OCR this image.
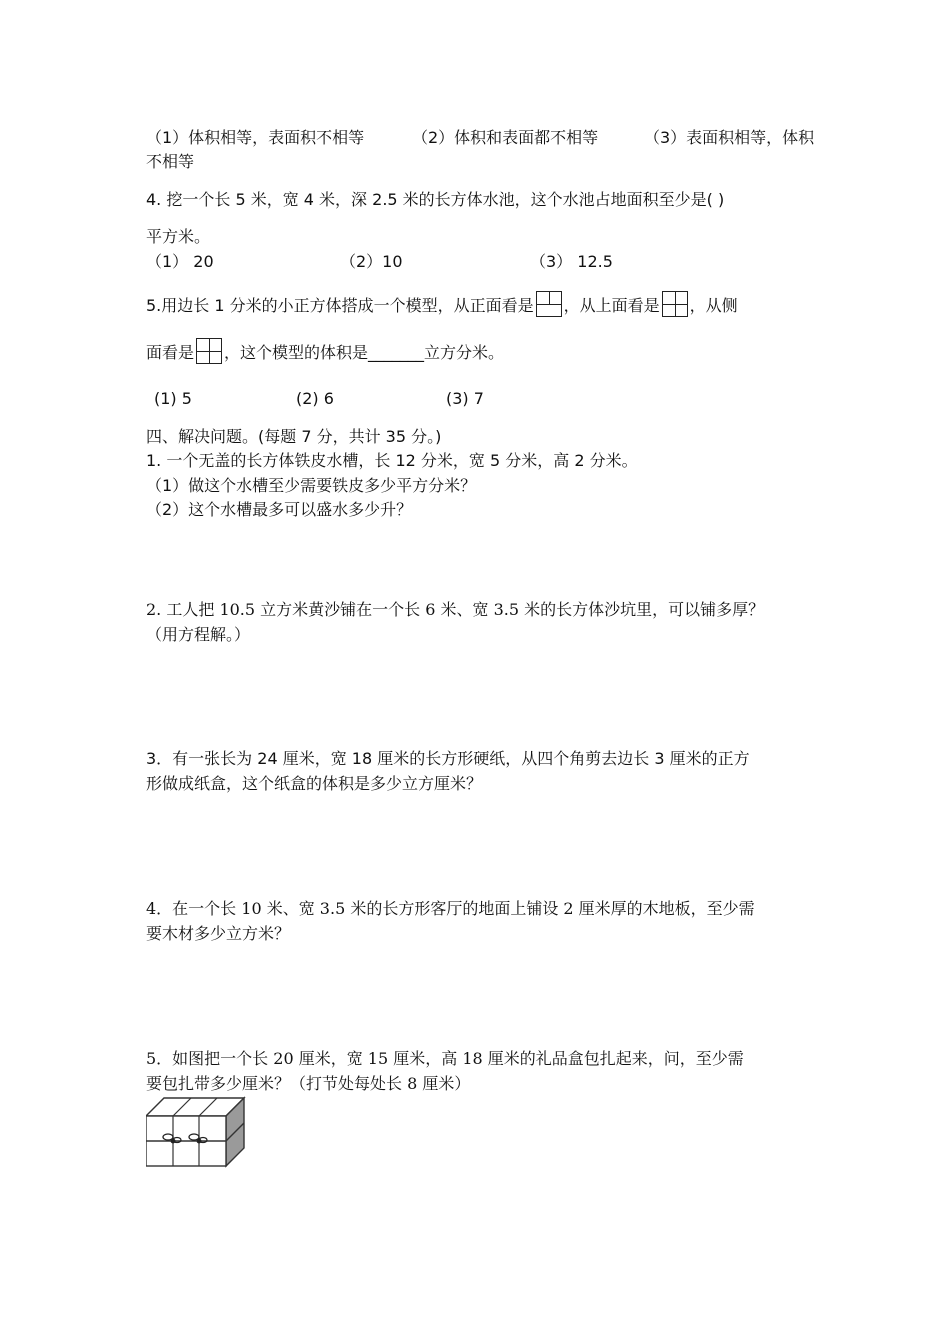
（1）体积相等，表面积不相等	（2）体积和表面都不相等	（3）表面积相等，体积
不相等
4. 挖一个长 5 米，宽 4 米，深 2.5 米的长方体水池，这个水池占地面积至少是( )
平方米。
（1） 20	（2）10	（3） 12.5
5.用边长 1 分米的小正方体搭成一个模型，从正面看是 ，从上面看是 ，从侧
面看是 ，这个模型的体积是_______立方分米。
(1) 5	(2) 6	(3) 7
四、解决问题。(每题 7 分，共计 35 分。)
1. 一个无盖的长方体铁皮水槽，长 12 分米，宽 5 分米，高 2 分米。
（1）做这个水槽至少需要铁皮多少平方分米？
（2）这个水槽最多可以盛水多少升？
2. 工人把 10.5 立方米黄沙铺在一个长 6 米、宽 3.5 米的长方体沙坑里，可以铺多厚？
（用方程解。）
3．有一张长为 24 厘米，宽 18 厘米的长方形硬纸，从四个角剪去边长 3 厘米的正方
形做成纸盒，这个纸盒的体积是多少立方厘米？
4．在一个长 10 米、宽 3.5 米的长方形客厅的地面上铺设 2 厘米厚的木地板，至少需
要木材多少立方米？
5．如图把一个长 20 厘米，宽 15 厘米，高 18 厘米的礼品盒包扎起来，问，至少需
要包扎带多少厘米？（打节处每处长 8 厘米）
